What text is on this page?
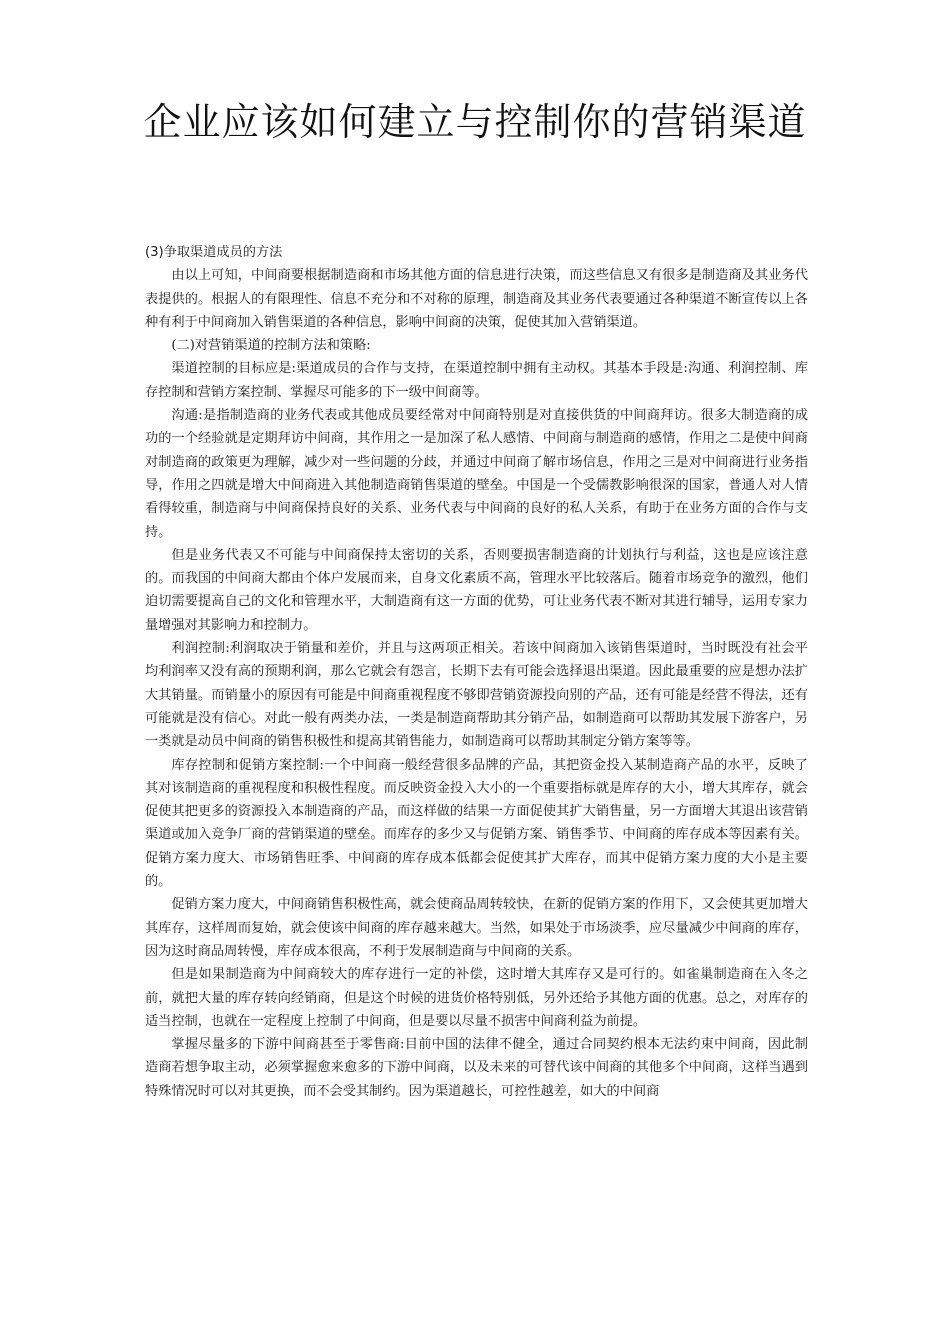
企业应该如何建立与控制你的营销渠道

(3)争取渠道成员的方法

由以上可知，中间商要根据制造商和市场其他方面的信息进行决策，而这些信息又有很多是制造商及其业务代表提供的。根据人的有限理性、信息不充分和不对称的原理，制造商及其业务代表要通过各种渠道不断宣传以上各种有利于中间商加入销售渠道的各种信息，影响中间商的决策，促使其加入营销渠道。

(二)对营销渠道的控制方法和策略:

渠道控制的目标应是:渠道成员的合作与支持，在渠道控制中拥有主动权。其基本手段是:沟通、利润控制、库存控制和营销方案控制、掌握尽可能多的下一级中间商等。

沟通:是指制造商的业务代表或其他成员要经常对中间商特别是对直接供货的中间商拜访。很多大制造商的成功的一个经验就是定期拜访中间商，其作用之一是加深了私人感情、中间商与制造商的感情，作用之二是使中间商对制造商的政策更为理解，减少对一些问题的分歧，并通过中间商了解市场信息，作用之三是对中间商进行业务指导，作用之四就是增大中间商进入其他制造商销售渠道的壁垒。中国是一个受儒教影响很深的国家，普通人对人情看得较重，制造商与中间商保持良好的关系、业务代表与中间商的良好的私人关系，有助于在业务方面的合作与支持。

但是业务代表又不可能与中间商保持太密切的关系，否则要损害制造商的计划执行与利益，这也是应该注意的。而我国的中间商大都由个体户发展而来，自身文化素质不高，管理水平比较落后。随着市场竞争的激烈，他们迫切需要提高自己的文化和管理水平，大制造商有这一方面的优势，可让业务代表不断对其进行辅导，运用专家力量增强对其影响力和控制力。

利润控制:利润取决于销量和差价，并且与这两项正相关。若该中间商加入该销售渠道时，当时既没有社会平均利润率又没有高的预期利润，那么它就会有怨言，长期下去有可能会选择退出渠道。因此最重要的应是想办法扩大其销量。而销量小的原因有可能是中间商重视程度不够即营销资源投向别的产品，还有可能是经营不得法，还有可能就是没有信心。对此一般有两类办法，一类是制造商帮助其分销产品，如制造商可以帮助其发展下游客户，另一类就是动员中间商的销售积极性和提高其销售能力，如制造商可以帮助其制定分销方案等等。

库存控制和促销方案控制:一个中间商一般经营很多品牌的产品，其把资金投入某制造商产品的水平，反映了其对该制造商的重视程度和积极性程度。而反映资金投入大小的一个重要指标就是库存的大小，增大其库存，就会促使其把更多的资源投入本制造商的产品，而这样做的结果一方面促使其扩大销售量，另一方面增大其退出该营销渠道或加入竞争厂商的营销渠道的壁垒。而库存的多少又与促销方案、销售季节、中间商的库存成本等因素有关。促销方案力度大、市场销售旺季、中间商的库存成本低都会促使其扩大库存，而其中促销方案力度的大小是主要的。

促销方案力度大，中间商销售积极性高，就会使商品周转较快，在新的促销方案的作用下，又会使其更加增大其库存，这样周而复始，就会使该中间商的库存越来越大。当然，如果处于市场淡季，应尽量减少中间商的库存，因为这时商品周转慢，库存成本很高，不利于发展制造商与中间商的关系。

但是如果制造商为中间商较大的库存进行一定的补偿，这时增大其库存又是可行的。如雀巢制造商在入冬之前，就把大量的库存转向经销商，但是这个时候的进货价格特别低，另外还给予其他方面的优惠。总之，对库存的适当控制，也就在一定程度上控制了中间商，但是要以尽量不损害中间商利益为前提。

掌握尽量多的下游中间商甚至于零售商:目前中国的法律不健全，通过合同契约根本无法约束中间商，因此制造商若想争取主动，必须掌握愈来愈多的下游中间商，以及未来的可替代该中间商的其他多个中间商，这样当遇到特殊情况时可以对其更换，而不会受其制约。因为渠道越长，可控性越差，如大的中间商
